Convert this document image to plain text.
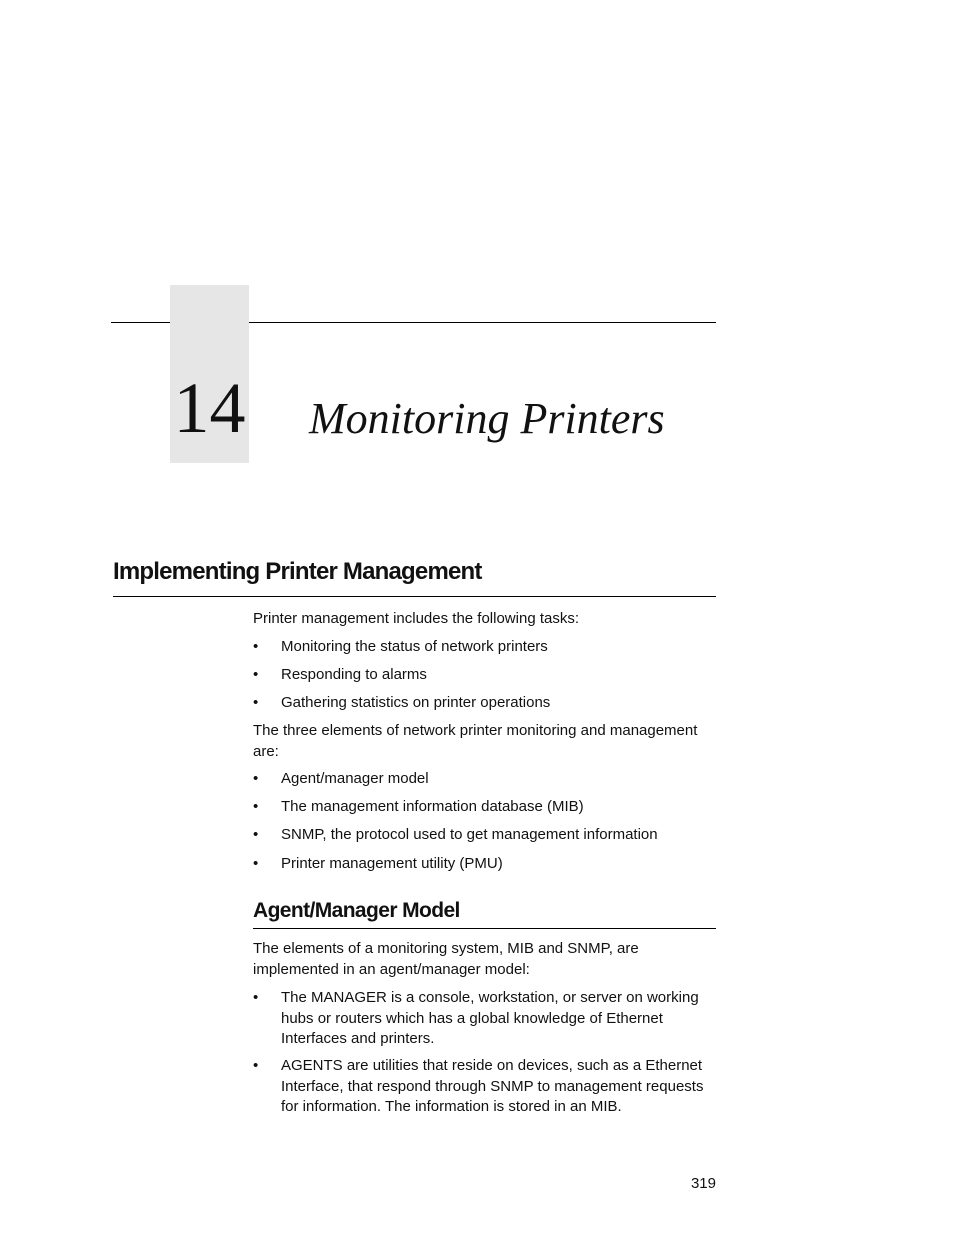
14 Monitoring Printers
Implementing Printer Management
Printer management includes the following tasks:
•	Monitoring the status of network printers
•	Responding to alarms
•	Gathering statistics on printer operations
The three elements of network printer monitoring and management are:
•	Agent/manager model
•	The management information database (MIB)
•	SNMP, the protocol used to get management information
•	Printer management utility (PMU)
Agent/Manager Model
The elements of a monitoring system, MIB and SNMP, are implemented in an agent/manager model:
•	The MANAGER is a console, workstation, or server on working hubs or routers which has a global knowledge of Ethernet Interfaces and printers.
•	AGENTS are utilities that reside on devices, such as a Ethernet Interface, that respond through SNMP to management requests for information. The information is stored in an MIB.
319
